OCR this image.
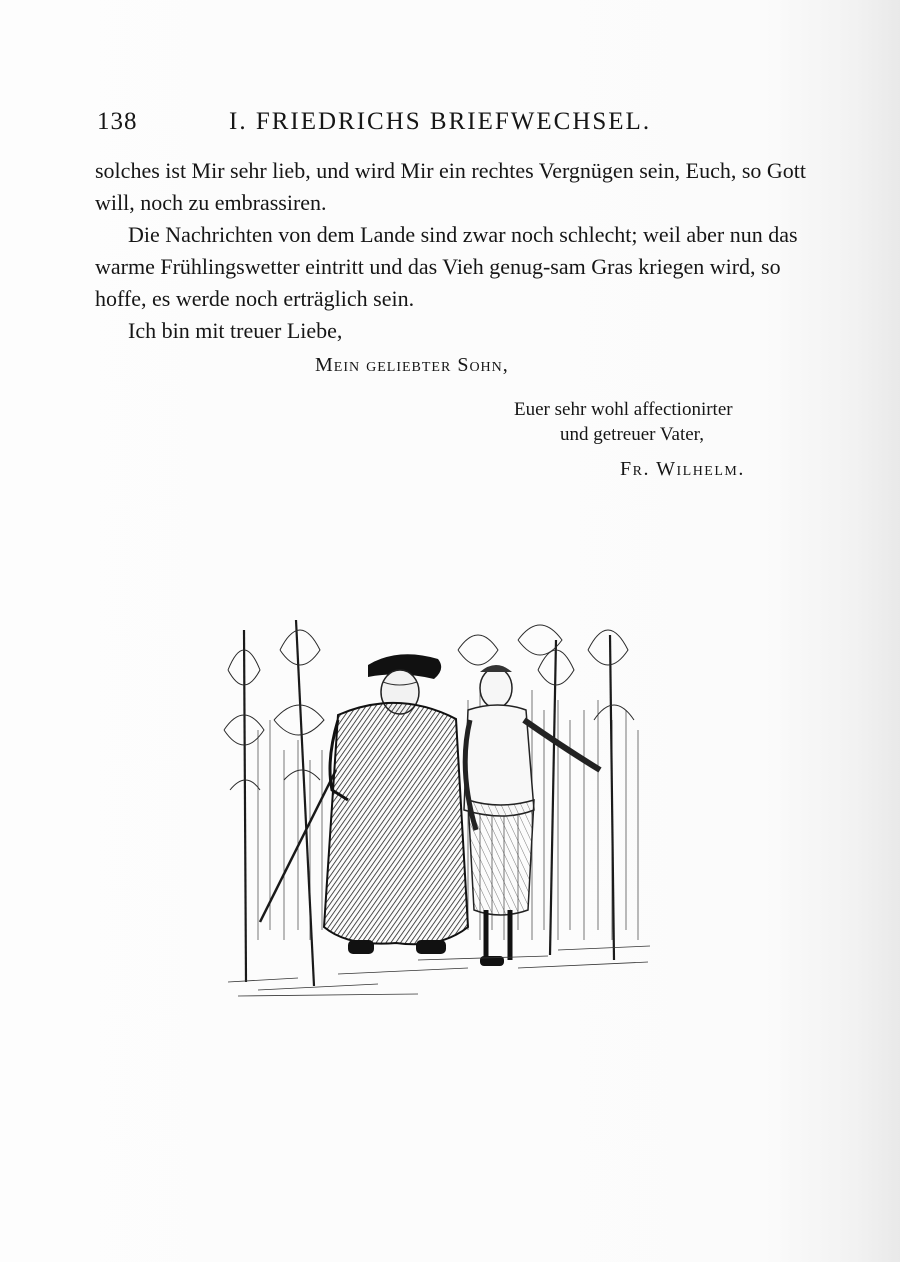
138	I. FRIEDRICHS BRIEFWECHSEL.

solches ist Mir sehr lieb, und wird Mir ein rechtes Vergnügen sein, Euch, so Gott will, noch zu embrassiren.

Die Nachrichten von dem Lande sind zwar noch schlecht; weil aber nun das warme Frühlingswetter eintritt und das Vieh genug-sam Gras kriegen wird, so hoffe, es werde noch erträglich sein.

Ich bin mit treuer Liebe,

Mein geliebter Sohn,
Euer sehr wohl affectionirter
und getreuer Vater,
Fr. Wilhelm.
